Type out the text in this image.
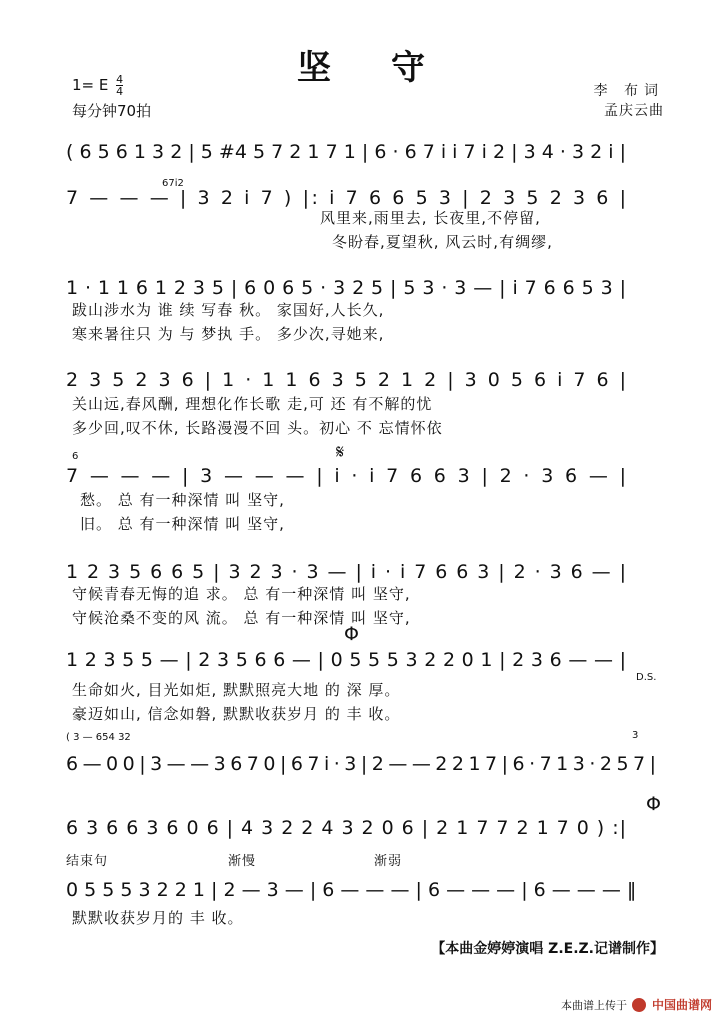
坚守
1= E $\frac{4}{4}$
每分钟70拍
李 布词
孟庆云曲
( 6 5 6 1 3 2 | 5 #4 5 7 2 1 7 1 | 6 · 6 7 i i 7 i 2 | 3 4 · 3 2 i |
67i2
7 — — — | 3 2 i 7 ) |: i 7 6 6 5 3 | 2 3 5 2 3 6 |
风里来,雨里去, 长夜里,不停留,
冬盼春,夏望秋, 风云时,有绸缪,
1 · 1 1 6 1 2 3 5 | 6 0 6 5 · 3 2 5 | 5 3 · 3 — | i 7 6 6 5 3 |
跋山涉水为 谁 续 写春 秋。 家国好,人长久,
寒来暑往只 为 与 梦执 手。 多少次,寻她来,
2 3 5 2 3 6 | 1 · 1 1 6 3 5 2 1 2 | 3 0 5 6 i 7 6 |
关山远,春风酬, 理想化作长歌 走,可 还 有不解的忧
多少回,叹不休, 长路漫漫不回 头。初心 不 忘情怀依
6	𝄋
7 — — — | 3 — — — | i · i 7 6 6 3 | 2 · 3 6 — |
愁。 总 有一种深情 叫 坚守,
旧。 总 有一种深情 叫 坚守,
1 2 3 5 6 6 5 | 3 2 3 · 3 — | i · i 7 6 6 3 | 2 · 3 6 — |
守候青春无悔的追 求。 总 有一种深情 叫 坚守,
守候沧桑不变的风 流。 总 有一种深情 叫 坚守,
Φ
D.S.
1 2 3 5 5 — | 2 3 5 6 6 — | 0 5 5 5 3 2 2 0 1 | 2 3 6 — — |
生命如火, 目光如炬, 默默照亮大地 的 深 厚。
豪迈如山, 信念如磐, 默默收获岁月 的 丰 收。
( 3 — 654 32	3
6 — 0 0 | 3 — — 3 6 7 0 | 6 7 i · 3 | 2 — — 2 2 1 7 | 6 · 7 1 3 · 2 5 7 |
Φ
6 3 6 6 3 6 0 6 | 4 3 2 2 4 3 2 0 6 | 2 1 7 7 2 1 7 0 ) :|
结束句	渐慢	渐弱
0 5 5 5 3 2 2 1 | 2 — 3 — | 6 — — — | 6 — — — | 6 — — — ‖
默默收获岁月的 丰 收。
【本曲金婷婷演唱 Z.E.Z.记谱制作】
本曲谱上传于 中国曲谱网
